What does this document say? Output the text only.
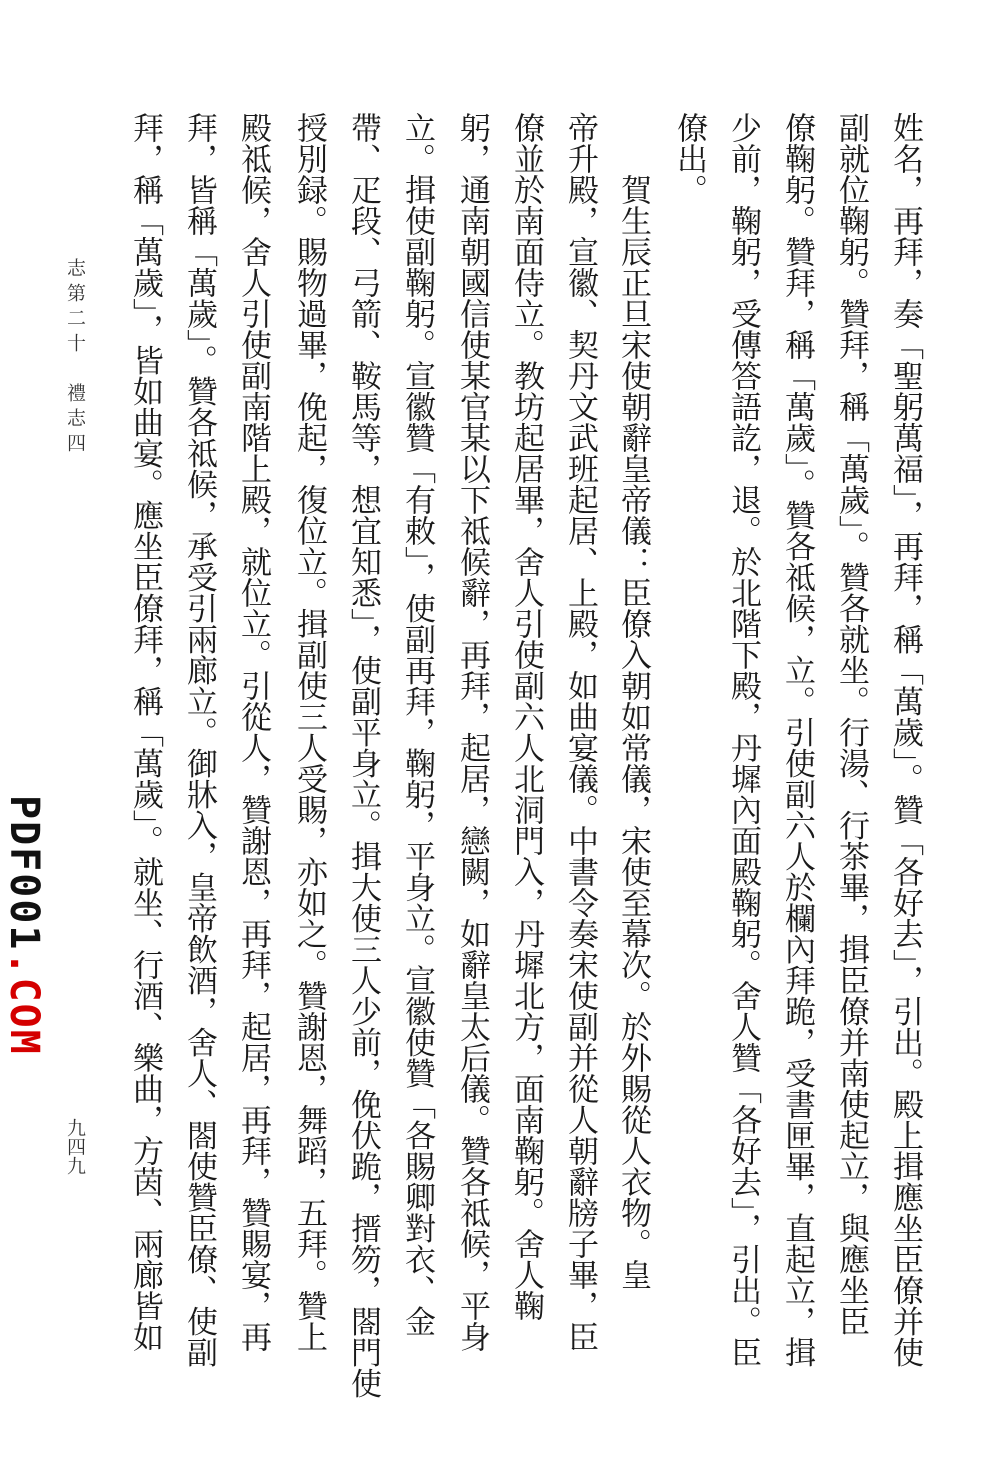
姓名，再拜，奏「聖躬萬福」，再拜，稱「萬歲」。贊「各好去」，引出。殿上揖應坐臣僚并使
副就位鞠躬。贊拜，稱「萬歲」。贊各就坐。行湯、行茶畢，揖臣僚并南使起立，與應坐臣
僚鞠躬。贊拜，稱「萬歲」。贊各祗候，立。引使副六人於欄內拜跪，受書匣畢，直起立，揖
少前，鞠躬，受傳答語訖，退。於北階下殿，丹墀內面殿鞠躬。舍人贊「各好去」，引出。臣
僚出。
賀生辰正旦宋使朝辭皇帝儀：臣僚入朝如常儀，宋使至幕次。於外賜從人衣物。皇
帝升殿，宣徽、契丹文武班起居、上殿，如曲宴儀。中書令奏宋使副并從人朝辭牓子畢，臣
僚並於南面侍立。教坊起居畢，舍人引使副六人北洞門入，丹墀北方，面南鞠躬。舍人鞠
躬，通南朝國信使某官某以下祗候辭，再拜，起居，戀闕，如辭皇太后儀。贊各祗候，平身
立。揖使副鞠躬。宣徽贊「有敕」，使副再拜，鞠躬，平身立。宣徽使贊「各賜卿對衣、金
帶、疋段、弓箭、鞍馬等，想宜知悉」，使副平身立。揖大使三人少前，俛伏跪，搢笏，閤門使
授別録。賜物過畢，俛起，復位立。揖副使三人受賜，亦如之。贊謝恩，舞蹈，五拜。贊上
殿祗候，舍人引使副南階上殿，就位立。引從人，贊謝恩，再拜，起居，再拜，贊賜宴，再
拜，皆稱「萬歲」。贊各祗候，承受引兩廊立。御牀入，皇帝飲酒，舍人、閤使贊臣僚、使副
拜，稱「萬歲」，皆如曲宴。應坐臣僚拜，稱「萬歲」。就坐、行酒、樂曲，方茵、兩廊皆如
志第二十　禮志四
九四九
PDF001.COM
